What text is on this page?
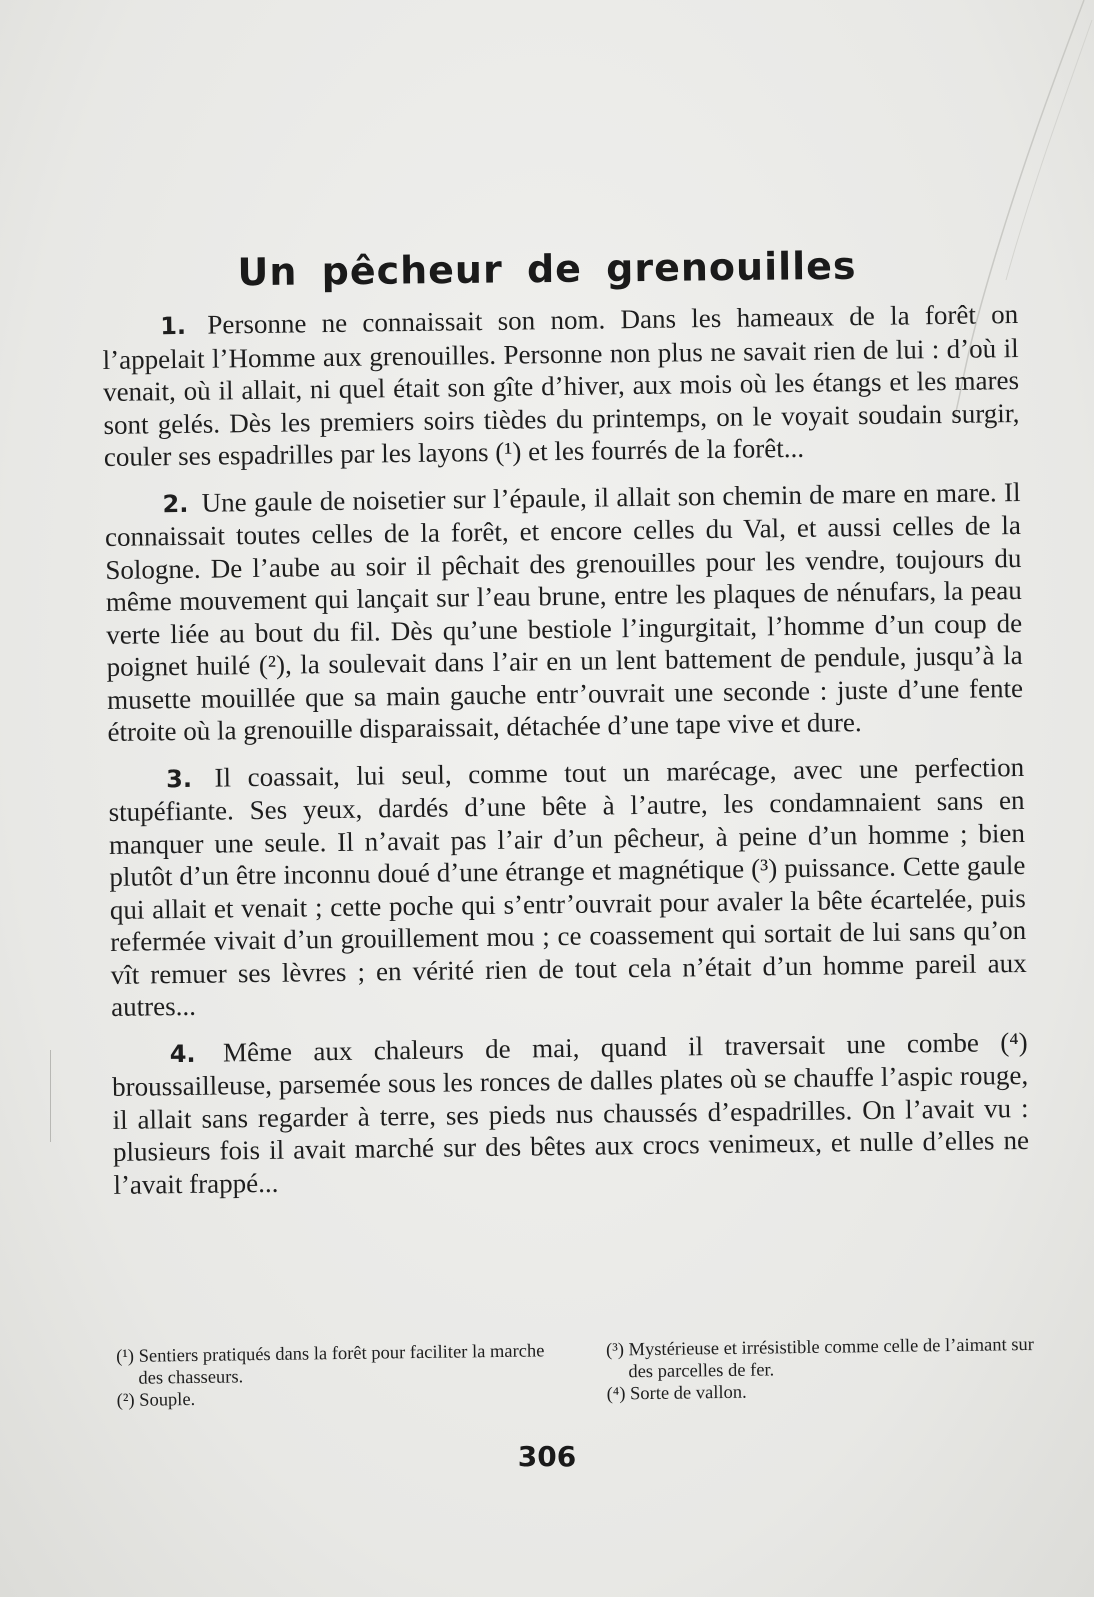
Un pêcheur de grenouilles

1. Personne ne connaissait son nom. Dans les hameaux de la forêt on l’appelait l’Homme aux grenouilles. Personne non plus ne savait rien de lui : d’où il venait, où il allait, ni quel était son gîte d’hiver, aux mois où les étangs et les mares sont gelés. Dès les premiers soirs tièdes du printemps, on le voyait soudain surgir, couler ses espadrilles par les layons (¹) et les fourrés de la forêt...

2. Une gaule de noisetier sur l’épaule, il allait son chemin de mare en mare. Il connaissait toutes celles de la forêt, et encore celles du Val, et aussi celles de la Sologne. De l’aube au soir il pêchait des grenouilles pour les vendre, toujours du même mouvement qui lançait sur l’eau brune, entre les plaques de nénufars, la peau verte liée au bout du fil. Dès qu’une bestiole l’ingurgitait, l’homme d’un coup de poignet huilé (²), la soulevait dans l’air en un lent battement de pendule, jusqu’à la musette mouillée que sa main gauche entr’ouvrait une seconde : juste d’une fente étroite où la grenouille disparaissait, détachée d’une tape vive et dure.

3. Il coassait, lui seul, comme tout un marécage, avec une perfection stupéfiante. Ses yeux, dardés d’une bête à l’autre, les condamnaient sans en manquer une seule. Il n’avait pas l’air d’un pêcheur, à peine d’un homme ; bien plutôt d’un être inconnu doué d’une étrange et magnétique (³) puissance. Cette gaule qui allait et venait ; cette poche qui s’entr’ouvrait pour avaler la bête écartelée, puis refermée vivait d’un grouillement mou ; ce coassement qui sortait de lui sans qu’on vît remuer ses lèvres ; en vérité rien de tout cela n’était d’un homme pareil aux autres...

4. Même aux chaleurs de mai, quand il traversait une combe (⁴) broussailleuse, parsemée sous les ronces de dalles plates où se chauffe l’aspic rouge, il allait sans regarder à terre, ses pieds nus chaussés d’espadrilles. On l’avait vu : plusieurs fois il avait marché sur des bêtes aux crocs venimeux, et nulle d’elles ne l’avait frappé...

(¹) Sentiers pratiqués dans la forêt pour faciliter la marche des chasseurs.

(²) Souple.

(³) Mystérieuse et irrésistible comme celle de l’aimant sur des parcelles de fer.

(⁴) Sorte de vallon.

306
